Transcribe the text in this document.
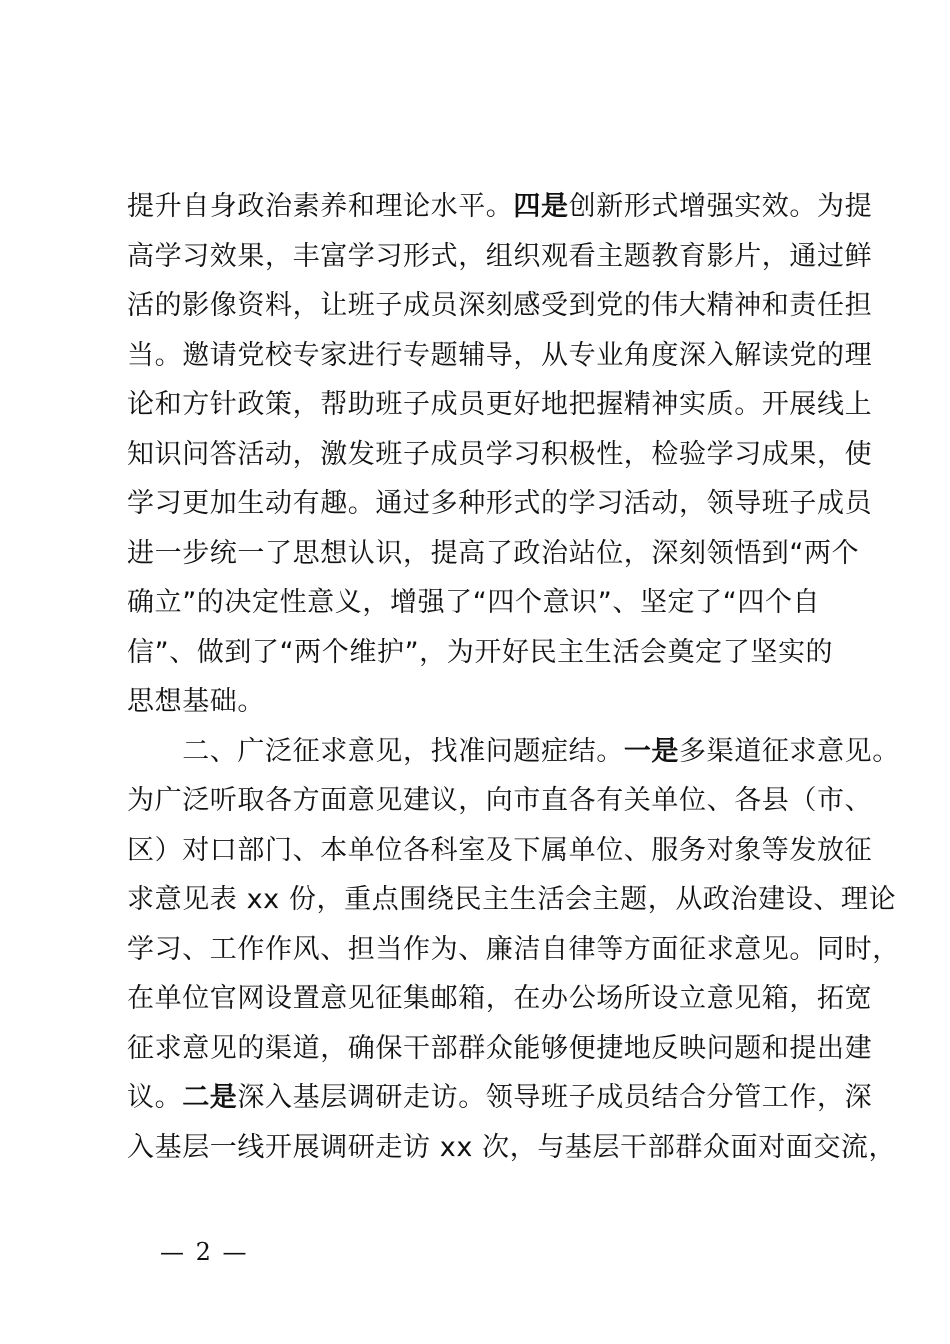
提升自身政治素养和理论水平。四是创新形式增强实效。为提
高学习效果，丰富学习形式，组织观看主题教育影片，通过鲜
活的影像资料，让班子成员深刻感受到党的伟大精神和责任担
当。邀请党校专家进行专题辅导，从专业角度深入解读党的理
论和方针政策，帮助班子成员更好地把握精神实质。开展线上
知识问答活动，激发班子成员学习积极性，检验学习成果，使
学习更加生动有趣。通过多种形式的学习活动，领导班子成员
进一步统一了思想认识，提高了政治站位，深刻领悟到“两个
确立”的决定性意义，增强了“四个意识”、坚定了“四个自
信”、做到了“两个维护”，为开好民主生活会奠定了坚实的
思想基础。
　　二、广泛征求意见，找准问题症结。一是多渠道征求意见。
为广泛听取各方面意见建议，向市直各有关单位、各县（市、
区）对口部门、本单位各科室及下属单位、服务对象等发放征
求意见表 xx 份，重点围绕民主生活会主题，从政治建设、理论
学习、工作作风、担当作为、廉洁自律等方面征求意见。同时，
在单位官网设置意见征集邮箱，在办公场所设立意见箱，拓宽
征求意见的渠道，确保干部群众能够便捷地反映问题和提出建
议。二是深入基层调研走访。领导班子成员结合分管工作，深
入基层一线开展调研走访 xx 次，与基层干部群众面对面交流，
— 2 —
